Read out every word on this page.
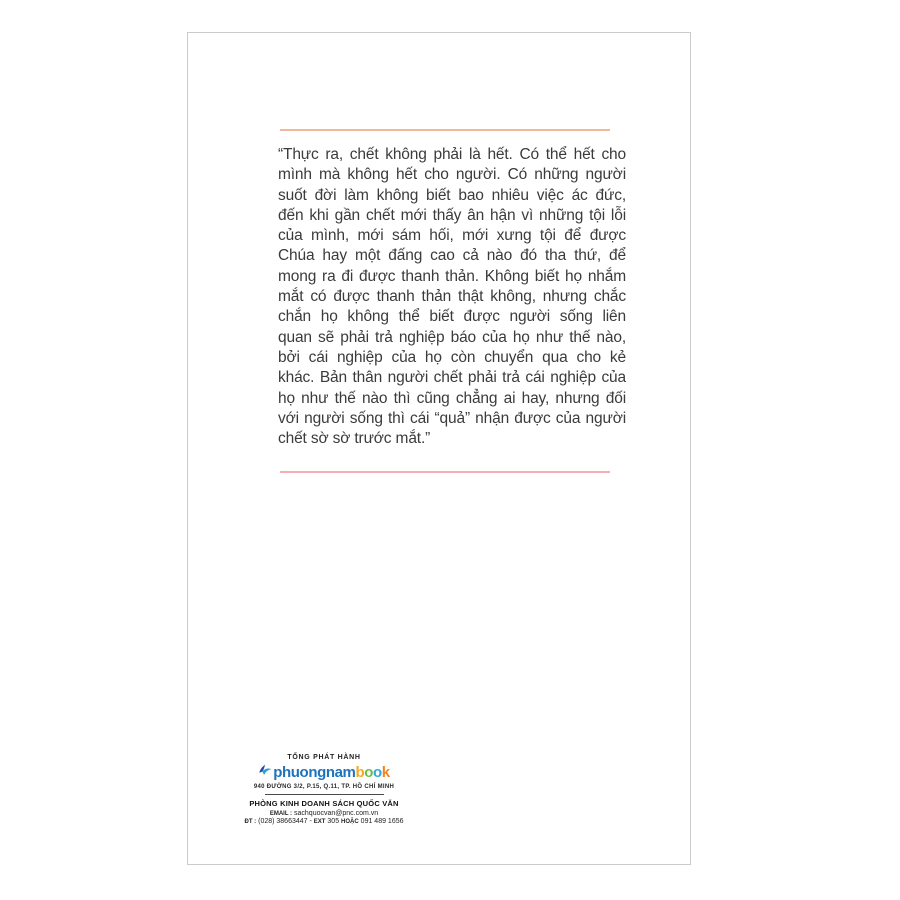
“Thực ra, chết không phải là hết. Có thể hết cho
mình mà không hết cho người. Có những người
suốt đời làm không biết bao nhiêu việc ác đức,
đến khi gần chết mới thấy ân hận vì những tội lỗi
của mình, mới sám hối, mới xưng tội để được
Chúa hay một đấng cao cả nào đó tha thứ, để
mong ra đi được thanh thản. Không biết họ nhắm
mắt có được thanh thản thật không, nhưng chắc
chắn họ không thể biết được người sống liên
quan sẽ phải trả nghiệp báo của họ như thế nào,
bởi cái nghiệp của họ còn chuyển qua cho kẻ
khác. Bản thân người chết phải trả cái nghiệp của
họ như thế nào thì cũng chẳng ai hay, nhưng đối
với người sống thì cái “quả” nhận được của người
chết sờ sờ trước mắt.”
TỔNG PHÁT HÀNH
phuongnambook
940 ĐƯỜNG 3/2, P.15, Q.11, TP. HỒ CHÍ MINH
PHÒNG KINH DOANH SÁCH QUỐC VĂN
EMAIL : sachquocvan@pnc.com.vn
ĐT : (028) 38663447 - EXT 305 HOẶC 091 489 1656
